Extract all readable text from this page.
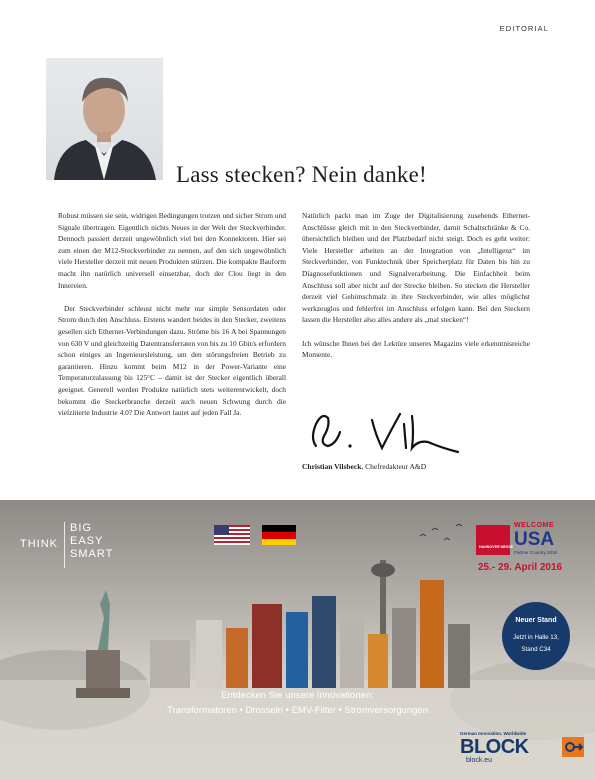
EDITORIAL
Lass stecken? Nein danke!

Robust müssen sie sein, widrigen Bedingungen trotzen und sicher Strom und Signale übertragen. Eigentlich nichts Neues in der Welt der Steckverbinder. Dennoch passiert derzeit ungewöhnlich viel bei den Konnektoren. Hier sei zum einen der M12-Steckverbinder zu nennen, auf den sich ungewöhnlich viele Hersteller derzeit mit neuen Produkten stürzen. Die kompakte Bauform macht ihn natürlich universell einsetzbar, doch der Clou liegt in den Innereien.

Der Steckverbinder schleust nicht mehr nur simple Sensordaten oder Strom durch den Anschluss. Erstens wandert beides in den Stecker, zweitens gesellen sich Ethernet-Verbindungen dazu. Ströme bis 16 A bei Spannungen von 630 V und gleichzeitig Datentransferraten von bis zu 10 Gbit/s erfordern schon einiges an Ingenieursleistung, um den störungsfreien Betrieb zu garantieren. Hinzu kommt beim M12 in der Power-Variante eine Temperaturzulassung bis 125°C – damit ist der Stecker eigentlich überall geeignet. Generell werden Produkte natürlich stets weiterentwickelt, doch bekommt die Steckerbranche derzeit auch neuen Schwung durch die vielzitierte Industrie 4.0? Die Antwort lautet auf jeden Fall Ja.

Natürlich packt man im Zuge der Digitalisierung zusehends Ethernet-Anschlüsse gleich mit in den Steckverbinder, damit Schaltschränke & Co. übersichtlich bleiben und der Platzbedarf nicht steigt. Doch es geht weiter: Viele Hersteller arbeiten an der Integration von „Intelligenz“ im Steckverbinder, von Funktechnik über Speicherplatz für Daten bis hin zu Diagnosefunktionen und Signalverarbeitung. Die Einfachheit beim Anschluss soll aber nicht auf der Strecke bleiben. So stecken die Hersteller derzeit viel Gehirnschmalz in ihre Steckverbinder, wie alles möglichst werkzeuglos und fehlerfrei im Anschluss erfolgen kann. Bei den Steckern lassen die Hersteller also alles andere als „mal stecken“!

Ich wünsche Ihnen bei der Lektüre unseres Magazins viele erkenntnisreiche Momente.

Christian Vilsbeck, Chefredakteur A&D
THINK
BIG
EASY
SMART
HANNOVER MESSE
WELCOME
USA
Partner Country 2016
25.- 29. April 2016
Neuer Stand
Jetzt in Halle 13,
Stand C34
Entdecken Sie unsere Innovationen:
Transformatoren • Drosseln • EMV-Filter • Stromversorgungen
German Innovation. Worldwide
BLOCK
block.eu
